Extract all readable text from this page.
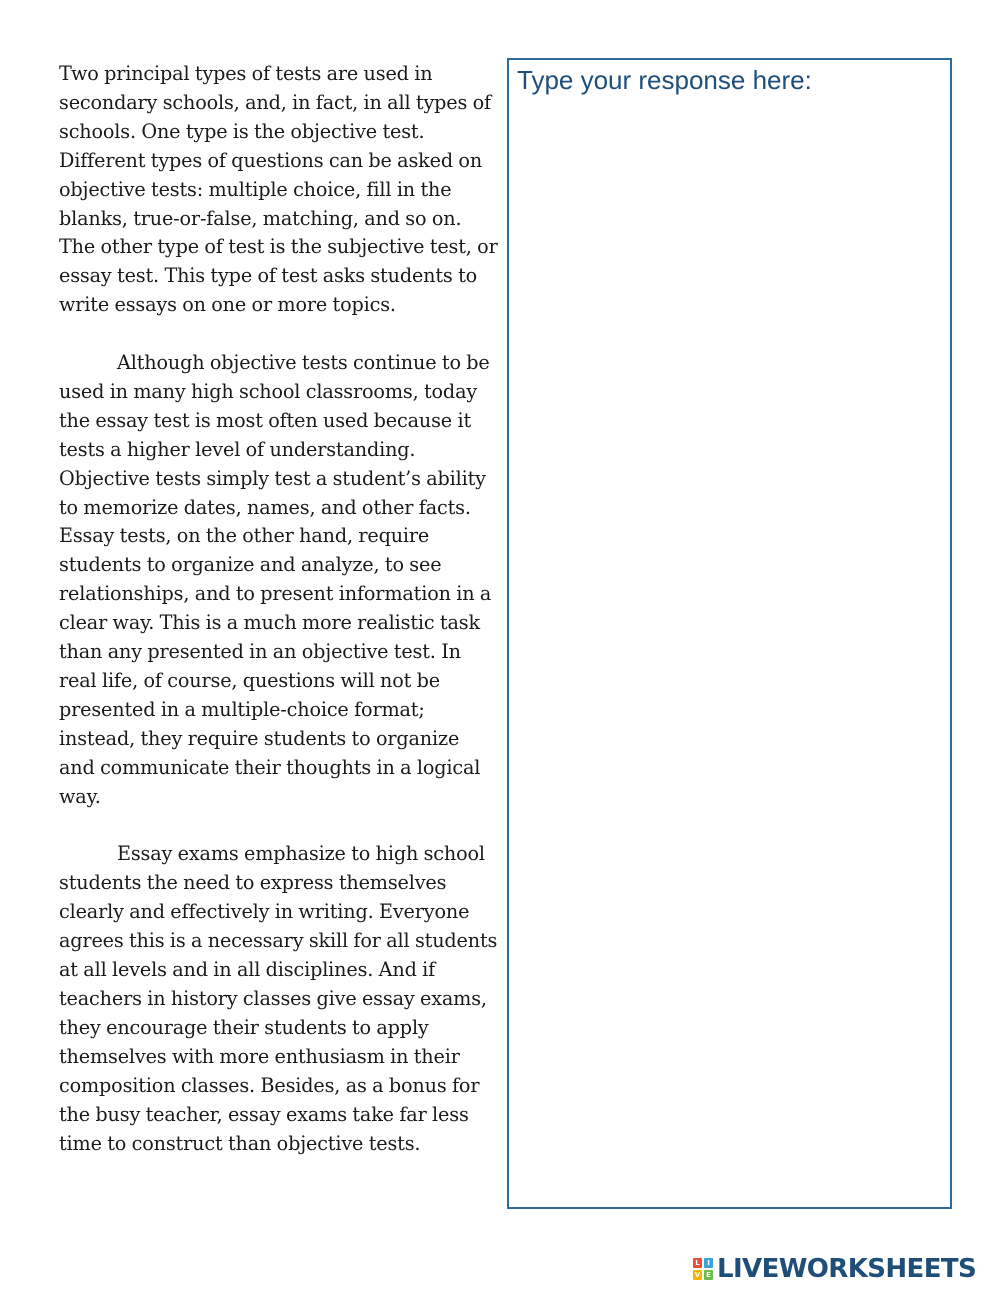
Two principal types of tests are used in secondary schools, and, in fact, in all types of schools. One type is the objective test. Different types of questions can be asked on objective tests: multiple choice, fill in the blanks, true-or-false, matching, and so on. The other type of test is the subjective test, or essay test. This type of test asks students to write essays on one or more topics.

Although objective tests continue to be used in many high school classrooms, today the essay test is most often used because it tests a higher level of understanding. Objective tests simply test a student’s ability to memorize dates, names, and other facts. Essay tests, on the other hand, require students to organize and analyze, to see relationships, and to present information in a clear way. This is a much more realistic task than any presented in an objective test. In real life, of course, questions will not be presented in a multiple-choice format; instead, they require students to organize and communicate their thoughts in a logical way.

Essay exams emphasize to high school students the need to express themselves clearly and effectively in writing. Everyone agrees this is a necessary skill for all students at all levels and in all disciplines. And if teachers in history classes give essay exams, they encourage their students to apply themselves with more enthusiasm in their composition classes. Besides, as a bonus for the busy teacher, essay exams take far less time to construct than objective tests.

Type your response here:
L	I
V E LIVEWORKSHEETS
